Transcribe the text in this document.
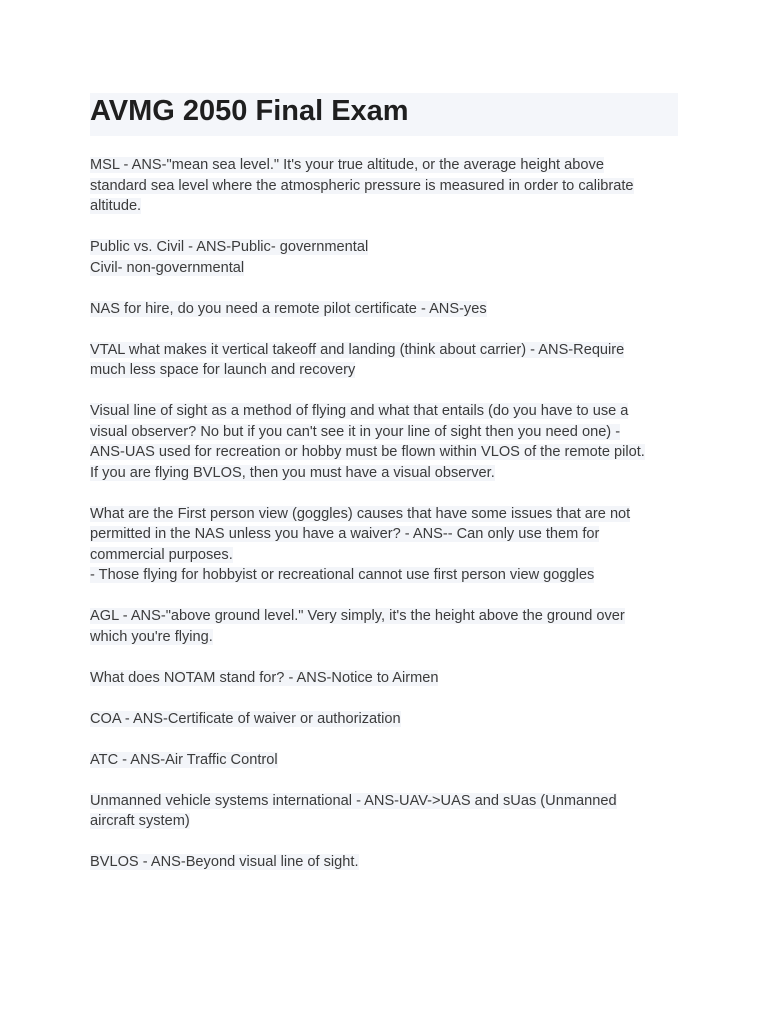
AVMG 2050 Final Exam
MSL - ANS-"mean sea level." It's your true altitude, or the average height above
standard sea level where the atmospheric pressure is measured in order to calibrate
altitude.
Public vs. Civil - ANS-Public- governmental
Civil- non-governmental
NAS for hire, do you need a remote pilot certificate - ANS-yes
VTAL what makes it vertical takeoff and landing (think about carrier) - ANS-Require
much less space for launch and recovery
Visual line of sight as a method of flying and what that entails (do you have to use a
visual observer? No but if you can't see it in your line of sight then you need one) -
ANS-UAS used for recreation or hobby must be flown within VLOS of the remote pilot.
If you are flying BVLOS, then you must have a visual observer.
What are the First person view (goggles) causes that have some issues that are not
permitted in the NAS unless you have a waiver? - ANS-- Can only use them for
commercial purposes.
- Those flying for hobbyist or recreational cannot use first person view goggles
AGL - ANS-"above ground level." Very simply, it's the height above the ground over
which you're flying.
What does NOTAM stand for? - ANS-Notice to Airmen
COA - ANS-Certificate of waiver or authorization
ATC - ANS-Air Traffic Control
Unmanned vehicle systems international - ANS-UAV->UAS and sUas (Unmanned
aircraft system)
BVLOS - ANS-Beyond visual line of sight.
